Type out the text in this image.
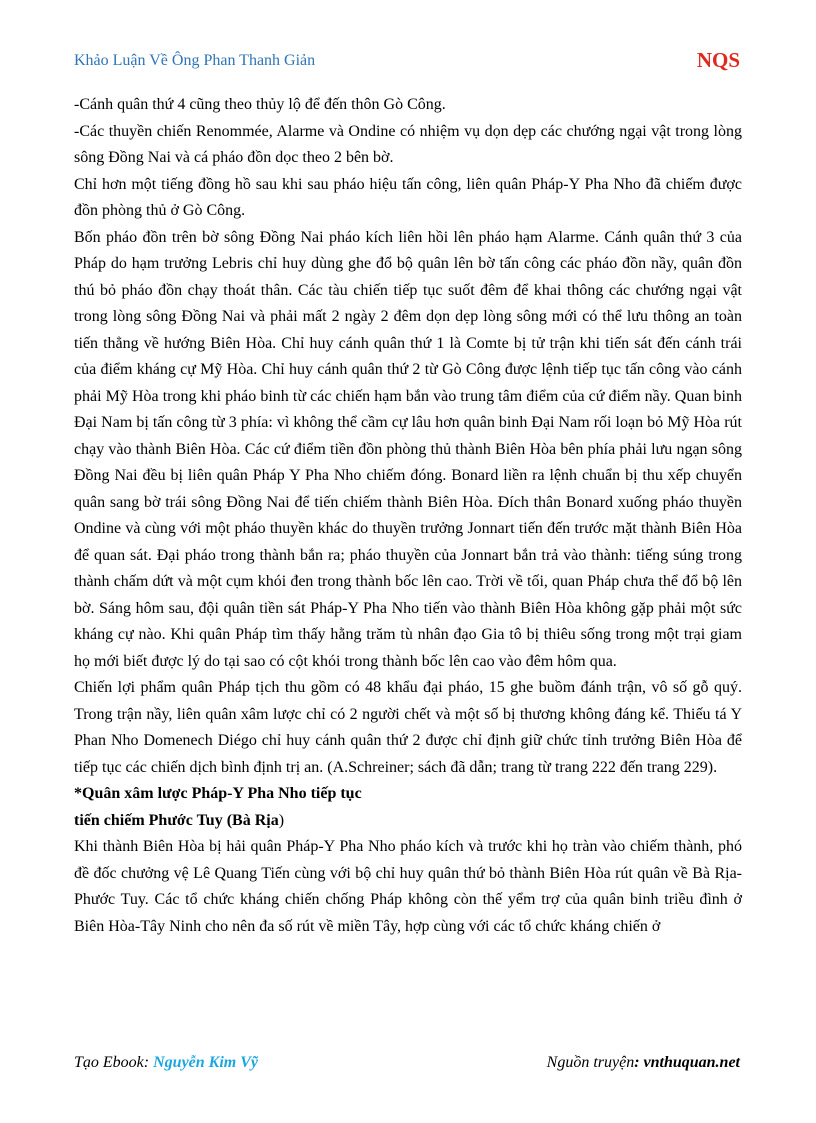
Khảo Luận Về Ông Phan Thanh Giản	NQS

-Cánh quân thứ 4 cũng theo thủy lộ để đến thôn Gò Công.

-Các thuyền chiến Renommée, Alarme và Ondine có nhiệm vụ dọn dẹp các chướng ngại vật trong lòng sông Đồng Nai và cá pháo đồn dọc theo 2 bên bờ.

Chỉ hơn một tiếng đồng hồ sau khi sau pháo hiệu tấn công, liên quân Pháp-Y Pha Nho đã chiếm được đồn phòng thủ ở Gò Công.

Bốn pháo đồn trên bờ sông Đồng Nai pháo kích liên hồi lên pháo hạm Alarme. Cánh quân thứ 3 của Pháp do hạm trưởng Lebris chỉ huy dùng ghe đổ bộ quân lên bờ tấn công các pháo đồn nầy, quân đồn thú bỏ pháo đồn chạy thoát thân. Các tàu chiến tiếp tục suốt đêm để khai thông các chướng ngại vật trong lòng sông Đồng Nai và phải mất 2 ngày 2 đêm dọn dẹp lòng sông mới có thể lưu thông an toàn tiến thẳng về hướng Biên Hòa. Chỉ huy cánh quân thứ 1 là Comte bị tử trận khi tiến sát đến cánh trái của điểm kháng cự Mỹ Hòa. Chỉ huy cánh quân thứ 2 từ Gò Công được lệnh tiếp tục tấn công vào cánh phải Mỹ Hòa trong khi pháo binh từ các chiến hạm bắn vào trung tâm điểm của cứ điểm nầy. Quan binh Đại Nam bị tấn công từ 3 phía: vì không thể cầm cự lâu hơn quân binh Đại Nam rối loạn bỏ Mỹ Hòa rút chạy vào thành Biên Hòa. Các cứ điểm tiền đồn phòng thủ thành Biên Hòa bên phía phải lưu ngạn sông Đồng Nai đều bị liên quân Pháp Y Pha Nho chiếm đóng. Bonard liền ra lệnh chuẩn bị thu xếp chuyển quân sang bờ trái sông Đồng Nai để tiến chiếm thành Biên Hòa. Đích thân Bonard xuống pháo thuyền Ondine và cùng với một pháo thuyền khác do thuyền trưởng Jonnart tiến đến trước mặt thành Biên Hòa để quan sát. Đại pháo trong thành bắn ra; pháo thuyền của Jonnart bắn trả vào thành: tiếng súng trong thành chấm dứt và một cụm khói đen trong thành bốc lên cao. Trời về tối, quan Pháp chưa thể đổ bộ lên bờ. Sáng hôm sau, đội quân tiền sát Pháp-Y Pha Nho tiến vào thành Biên Hòa không gặp phải một sức kháng cự nào. Khi quân Pháp tìm thấy hằng trăm tù nhân đạo Gia tô bị thiêu sống trong một trại giam họ mới biết được lý do tại sao có cột khói trong thành bốc lên cao vào đêm hôm qua.

Chiến lợi phẩm quân Pháp tịch thu gồm có 48 khẩu đại pháo, 15 ghe buồm đánh trận, vô số gỗ quý. Trong trận nầy, liên quân xâm lược chỉ có 2 người chết và một số bị thương không đáng kể. Thiếu tá Y Phan Nho Domenech Diégo chỉ huy cánh quân thứ 2 được chỉ định giữ chức tỉnh trưởng Biên Hòa để tiếp tục các chiến dịch bình định trị an. (A.Schreiner; sách đã dẫn; trang từ trang 222 đến trang 229).

*Quân xâm lược Pháp-Y Pha Nho tiếp tục

tiến chiếm Phước Tuy (Bà Rịa)

Khi thành Biên Hòa bị hải quân Pháp-Y Pha Nho pháo kích và trước khi họ tràn vào chiếm thành, phó đề đốc chưởng vệ Lê Quang Tiến cùng với bộ chỉ huy quân thứ bỏ thành Biên Hòa rút quân về Bà Rịa-Phước Tuy. Các tổ chức kháng chiến chống Pháp không còn thế yểm trợ của quân binh triều đình ở Biên Hòa-Tây Ninh cho nên đa số rút về miền Tây, hợp cùng với các tổ chức kháng chiến ở

Tạo Ebook: Nguyễn Kim Vỹ	Nguồn truyện: vnthuquan.net
